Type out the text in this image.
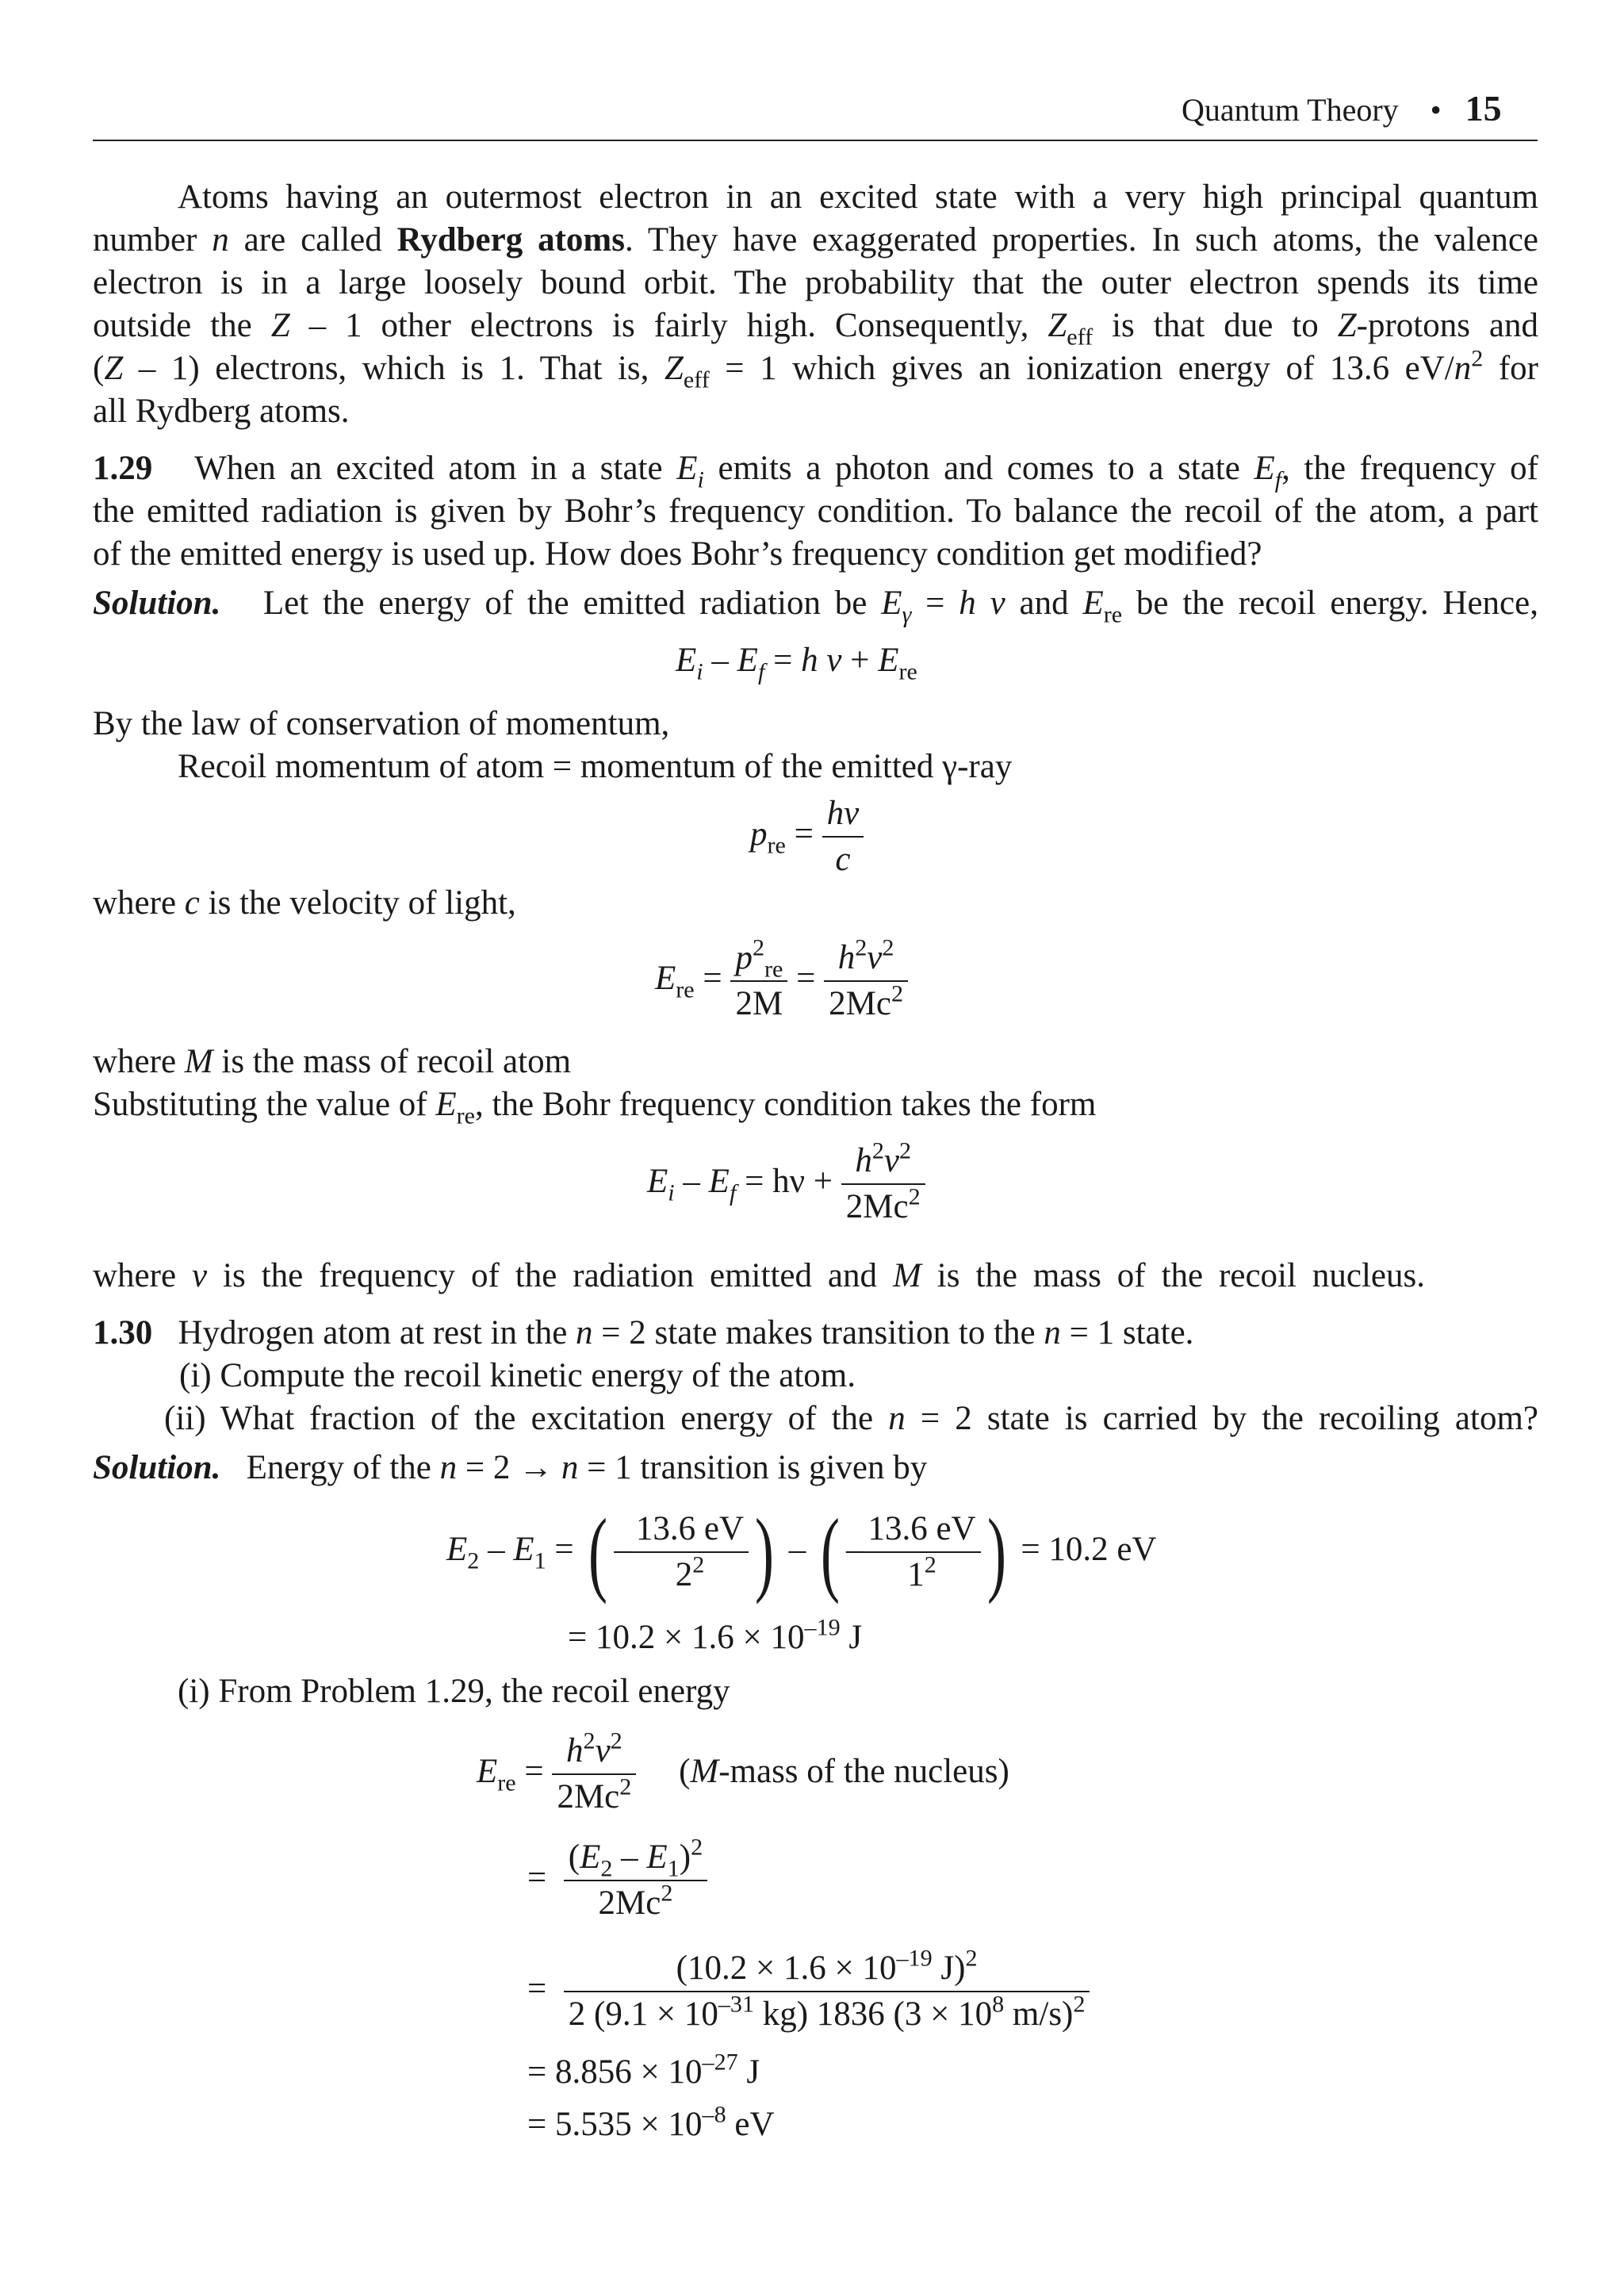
Quantum Theory • 15
Atoms having an outermost electron in an excited state with a very high principal quantum
number n are called Rydberg atoms. They have exaggerated properties. In such atoms, the valence
electron is in a large loosely bound orbit. The probability that the outer electron spends its time
outside the Z – 1 other electrons is fairly high. Consequently, $Z_{eff}$ is that due to Z-protons and
(Z – 1) electrons, which is 1. That is, $Z_{eff} = 1$ which gives an ionization energy of 13.6 $eV/n^2$ for
all Rydberg atoms.
1.29 When an excited atom in a state $E_i$ emits a photon and comes to a state $E_f$, the frequency of
the emitted radiation is given by Bohr’s frequency condition. To balance the recoil of the atom, a part
of the emitted energy is used up. How does Bohr’s frequency condition get modified?
Solution. Let the energy of the emitted radiation be $E_\gamma = h$ ν and $E_{re}$ be the recoil energy. Hence,
$E_i - E_f = h$ $\nu + E_{re}$
By the law of conservation of momentum,
Recoil momentum of atom = momentum of the emitted γ-ray
$p_{re} = \frac{h\nu}{c}$
where c is the velocity of light,
$E_{re} = \frac{p^2_{re}}{2M} = \frac{h^2\nu^2}{2Mc^2}$
where M is the mass of recoil atom
Substituting the value of $E_{re}$, the Bohr frequency condition takes the form
$E_i - E_f = h\nu + \frac{h^2\nu^2}{2Mc^2}$
where ν is the frequency of the radiation emitted and M is the mass of the recoil nucleus.
1.30 Hydrogen atom at rest in the n = 2 state makes transition to the n = 1 state.
(i) Compute the recoil kinetic energy of the atom.
(ii) What fraction of the excitation energy of the n = 2 state is carried by the recoiling atom?
Solution. Energy of the n = 2 → n = 1 transition is given by
$E_2 - E_1$ = ( – $\frac{13.6 eV}{2^2}$ ) – ( – $\frac{13.6 eV}{1^2}$ ) = 10.2 eV
= $10.2 \times 1.6 \times 10^{-19}$ J
(i) From Problem 1.29, the recoil energy
$E_{re} = \frac{h^2\nu^2}{2Mc^2}$ (M-mass of the nucleus)
= $\frac{(E_2 - E_1)^2}{2Mc^2}$
= $\frac{(10.2 \times 1.6 \times 10^{-19} J)^2}{2 (9.1 \times 10^{-31} kg) 1836 (3 \times 10^8 m/s)^2}$
= $8.856 \times 10^{-27}$ J
= $5.535 \times 10^{-8}$ eV
